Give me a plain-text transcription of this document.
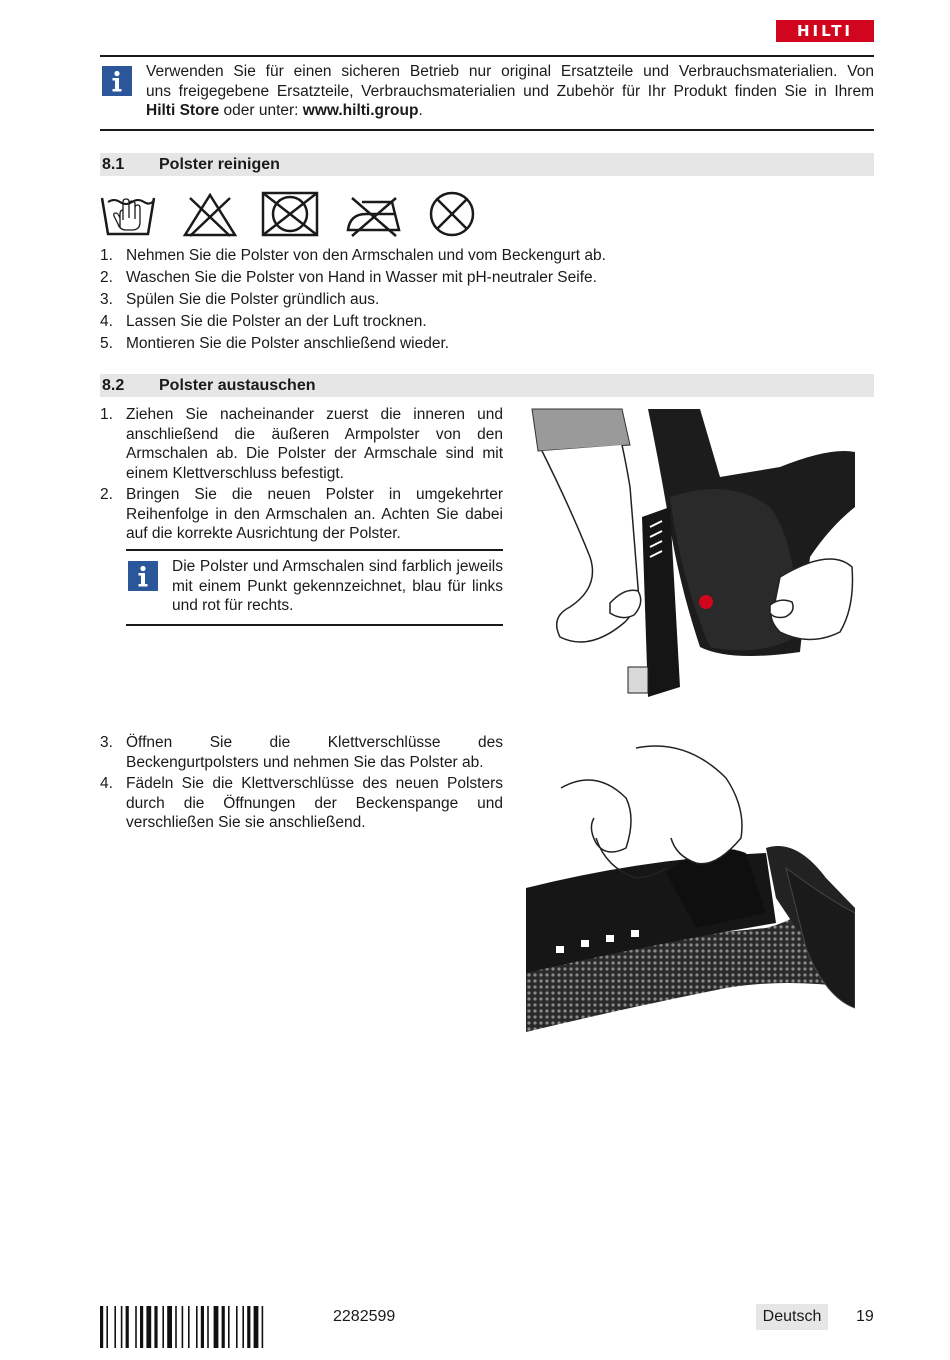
HILTI
Verwenden Sie für einen sicheren Betrieb nur original Ersatzteile und Verbrauchsmaterialien. Von
uns freigegebene Ersatzteile, Verbrauchsmaterialien und Zubehör für Ihr Produkt finden Sie in Ihrem
Hilti Store oder unter: www.hilti.group.
8.1 Polster reinigen
1. Nehmen Sie die Polster von den Armschalen und vom Beckengurt ab.
2. Waschen Sie die Polster von Hand in Wasser mit pH-neutraler Seife.
3. Spülen Sie die Polster gründlich aus.
4. Lassen Sie die Polster an der Luft trocknen.
5. Montieren Sie die Polster anschließend wieder.
8.2 Polster austauschen
1. Ziehen Sie nacheinander zuerst die inneren und anschließend die äußeren Armpolster von den Armschalen ab. Die Polster der Armschale sind mit einem Klettverschluss befestigt.
2. Bringen Sie die neuen Polster in umgekehrter Reihenfolge in den Armschalen an. Achten Sie dabei auf die korrekte Ausrichtung der Polster.
Die Polster und Armschalen sind farblich jeweils mit einem Punkt gekennzeichnet, blau für links und rot für rechts.
3. Öffnen Sie die Klettverschlüsse des Beckengurtpolsters und nehmen Sie das Polster ab.
4. Fädeln Sie die Klettverschlüsse des neuen Polsters durch die Öffnungen der Beckenspange und verschließen Sie sie anschließend.
2282599	Deutsch	19
